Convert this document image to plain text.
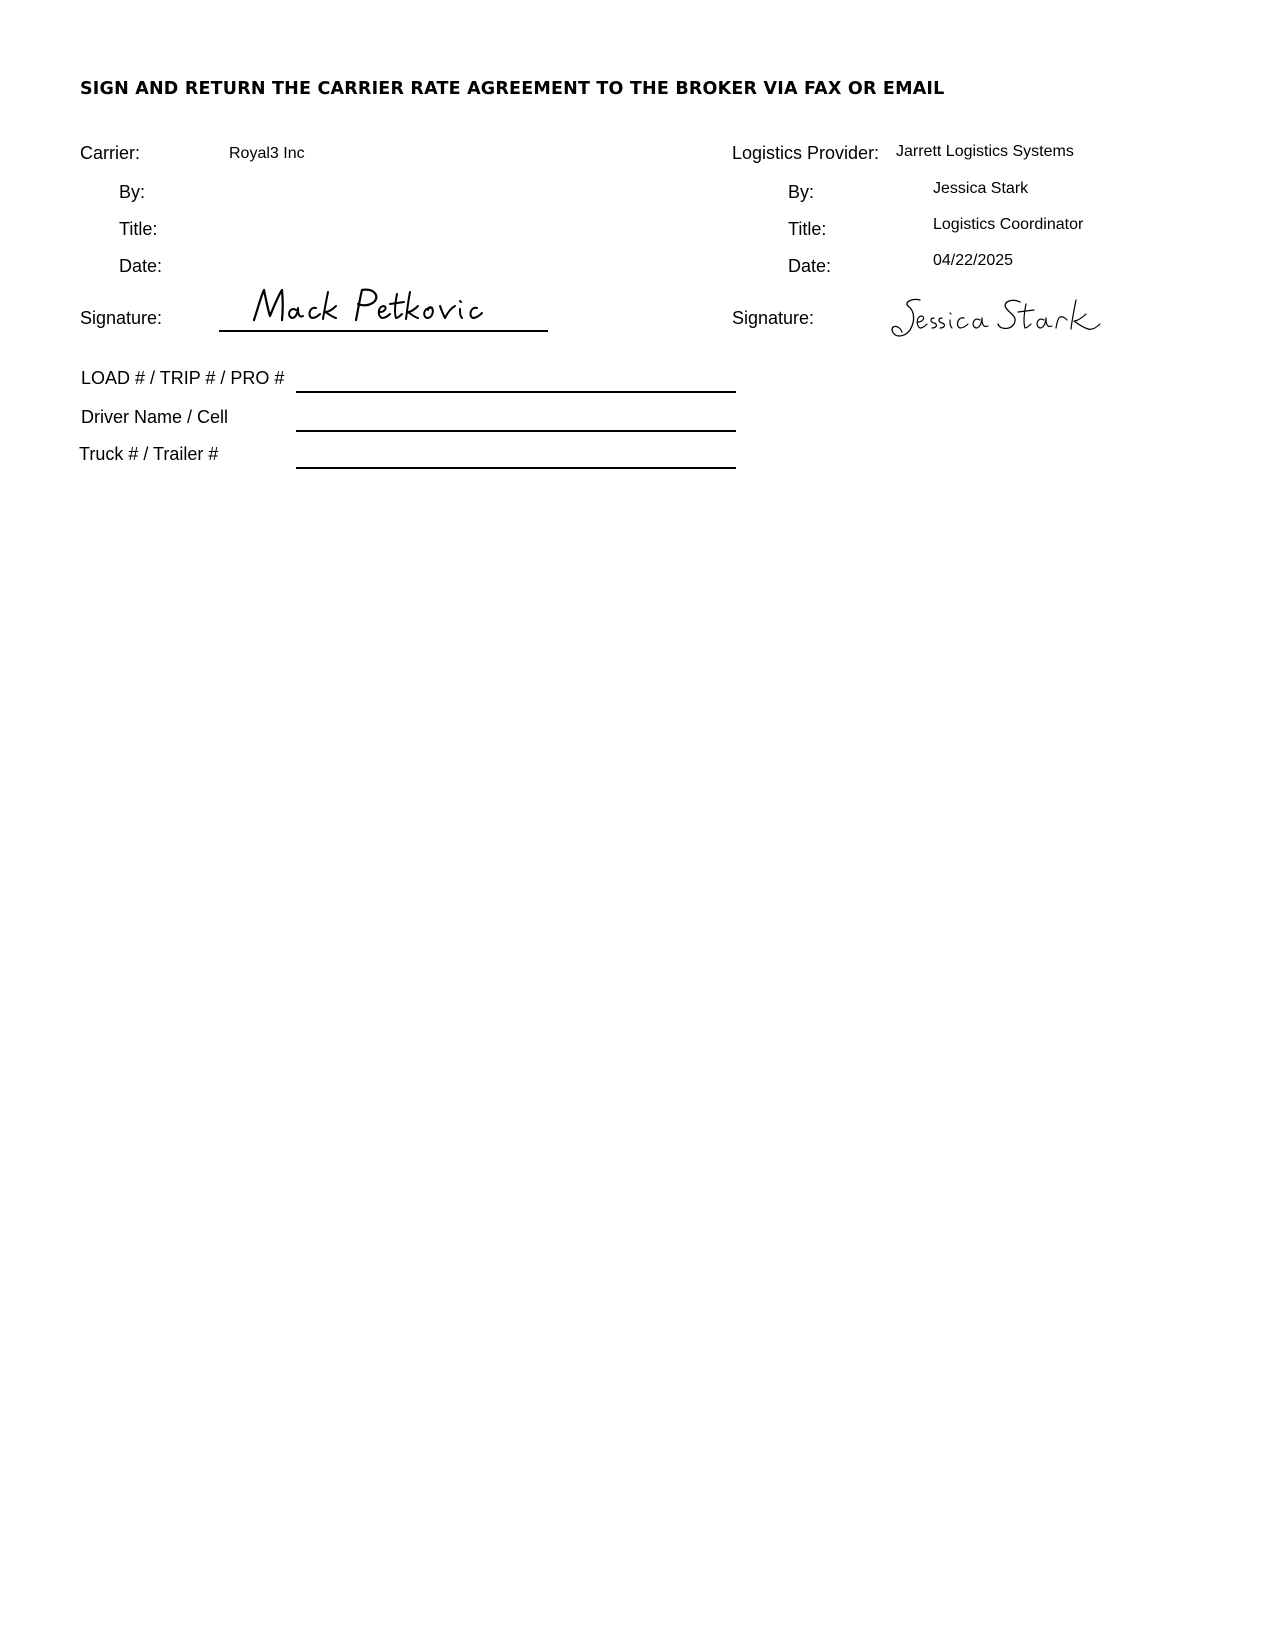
SIGN AND RETURN THE CARRIER RATE AGREEMENT TO THE BROKER VIA FAX OR EMAIL
Carrier:	Royal3 Inc
By:
Title:
Date:
Signature:
Logistics Provider: Jarrett Logistics Systems
By:	Jessica Stark
Title:	Logistics Coordinator
Date:	04/22/2025
Signature:
LOAD # / TRIP # / PRO #
Driver Name / Cell
Truck # / Trailer #
